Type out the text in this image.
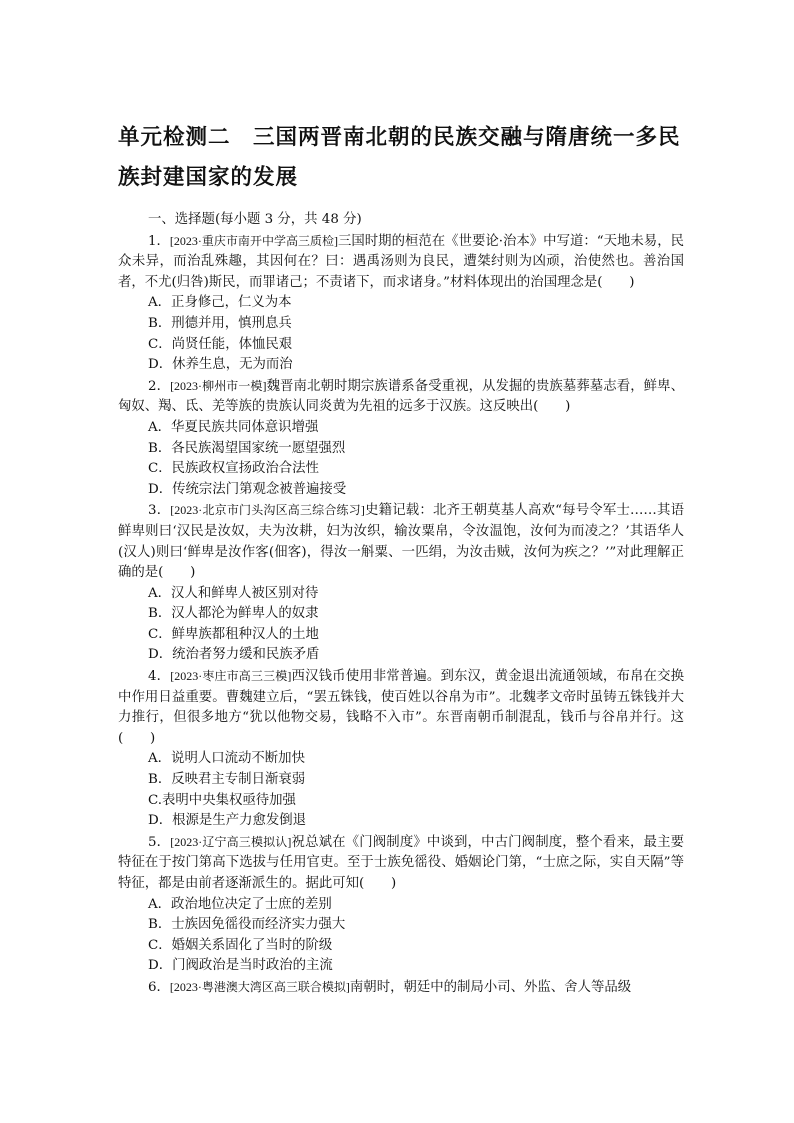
单元检测二　三国两晋南北朝的民族交融与隋唐统一多民
族封建国家的发展

一、选择题(每小题 3 分，共 48 分)

1．[2023·重庆市南开中学高三质检]三国时期的桓范在《世要论·治本》中写道：“天地未易，民众未异，而治乱殊趣，其因何在？曰：遇禹汤则为良民，遭桀纣则为凶顽，治使然也。善治国者，不尤(归咎)斯民，而罪诸己；不责诸下，而求诸身。”材料体现出的治国理念是(　　)

A．正身修己，仁义为本

B．刑德并用，慎刑息兵

C．尚贤任能，体恤民艰

D．休养生息，无为而治

2．[2023·柳州市一模]魏晋南北朝时期宗族谱系备受重视，从发掘的贵族墓葬墓志看，鲜卑、匈奴、羯、氐、羌等族的贵族认同炎黄为先祖的远多于汉族。这反映出(　　)

A．华夏民族共同体意识增强

B．各民族渴望国家统一愿望强烈

C．民族政权宣扬政治合法性

D．传统宗法门第观念被普遍接受

3．[2023·北京市门头沟区高三综合练习]史籍记载：北齐王朝莫基人高欢“每号令军士……其语鲜卑则曰‘汉民是汝奴，夫为汝耕，妇为汝织，输汝粟帛，令汝温饱，汝何为而凌之？’其语华人(汉人)则曰‘鲜卑是汝作客(佃客)，得汝一斛粟、一匹绢，为汝击贼，汝何为疾之？’”对此理解正确的是(　　)

A．汉人和鲜卑人被区别对待

B．汉人都沦为鲜卑人的奴隶

C．鲜卑族都租种汉人的土地

D．统治者努力缓和民族矛盾

4．[2023·枣庄市高三三模]西汉钱币使用非常普遍。到东汉，黄金退出流通领域，布帛在交换中作用日益重要。曹魏建立后，“罢五铢钱，使百姓以谷帛为市”。北魏孝文帝时虽铸五铢钱并大力推行，但很多地方“犹以他物交易，钱略不入市”。东晋南朝币制混乱，钱币与谷帛并行。这(　　)

A．说明人口流动不断加快

B．反映君主专制日渐衰弱

C.表明中央集权亟待加强

D．根源是生产力愈发倒退

5．[2023·辽宁高三模拟认]祝总斌在《门阀制度》中谈到，中古门阀制度，整个看来，最主要特征在于按门第高下选拔与任用官吏。至于士族免徭役、婚姻论门第，“士庶之际，实自天隔”等特征，都是由前者逐渐派生的。据此可知(　　)

A．政治地位决定了士庶的差别

B．士族因免徭役而经济实力强大

C．婚姻关系固化了当时的阶级

D．门阀政治是当时政治的主流

6．[2023·粤港澳大湾区高三联合模拟]南朝时，朝廷中的制局小司、外监、舍人等品级
